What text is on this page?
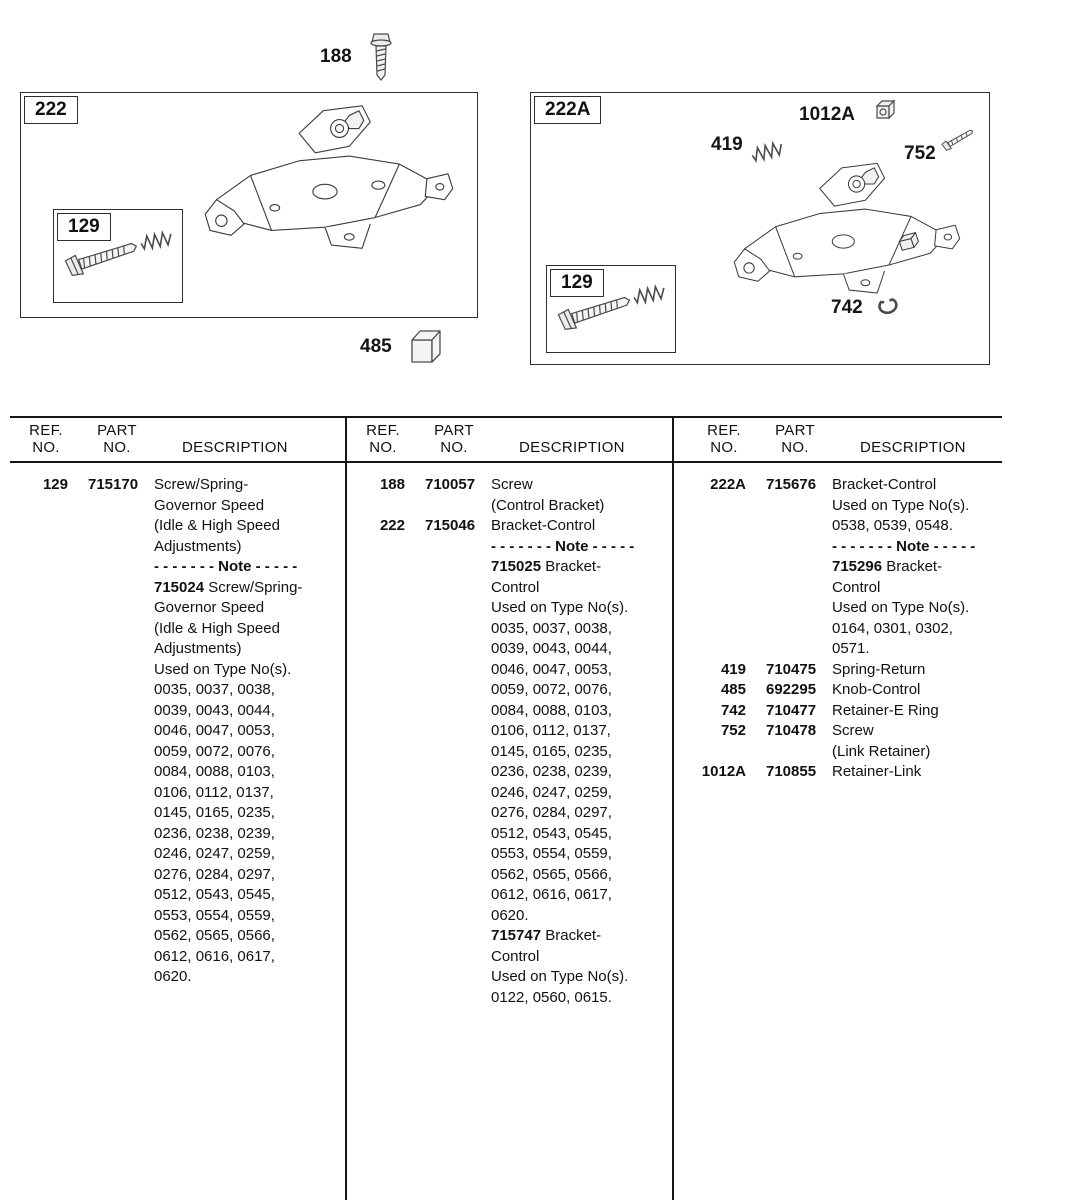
188
222
129
485
222A	1012A
419	752
129
742
REF.
NO.
PART
NO.	DESCRIPTION
129	715170	Screw/Spring-
Governor Speed
(Idle & High Speed
Adjustments)
- - - - - - - Note - - - - -
715024 Screw/Spring-
Governor Speed
(Idle & High Speed
Adjustments)
Used on Type No(s).
0035, 0037, 0038,
0039, 0043, 0044,
0046, 0047, 0053,
0059, 0072, 0076,
0084, 0088, 0103,
0106, 0112, 0137,
0145, 0165, 0235,
0236, 0238, 0239,
0246, 0247, 0259,
0276, 0284, 0297,
0512, 0543, 0545,
0553, 0554, 0559,
0562, 0565, 0566,
0612, 0616, 0617,
0620.
REF.
NO.
PART
NO.	DESCRIPTION
188	710057	Screw
(Control Bracket)
222	715046	Bracket-Control
- - - - - - - Note - - - - -
715025 Bracket-
Control
Used on Type No(s).
0035, 0037, 0038,
0039, 0043, 0044,
0046, 0047, 0053,
0059, 0072, 0076,
0084, 0088, 0103,
0106, 0112, 0137,
0145, 0165, 0235,
0236, 0238, 0239,
0246, 0247, 0259,
0276, 0284, 0297,
0512, 0543, 0545,
0553, 0554, 0559,
0562, 0565, 0566,
0612, 0616, 0617,
0620.
715747 Bracket-
Control
Used on Type No(s).
0122, 0560, 0615.
REF.
NO.
PART
NO.	DESCRIPTION
222A	715676	Bracket-Control
Used on Type No(s).
0538, 0539, 0548.
- - - - - - - Note - - - - -
715296 Bracket-
Control
Used on Type No(s).
0164, 0301, 0302,
0571.
419	710475	Spring-Return
485	692295	Knob-Control
742	710477	Retainer-E Ring
752	710478	Screw
(Link Retainer)
1012A	710855	Retainer-Link
